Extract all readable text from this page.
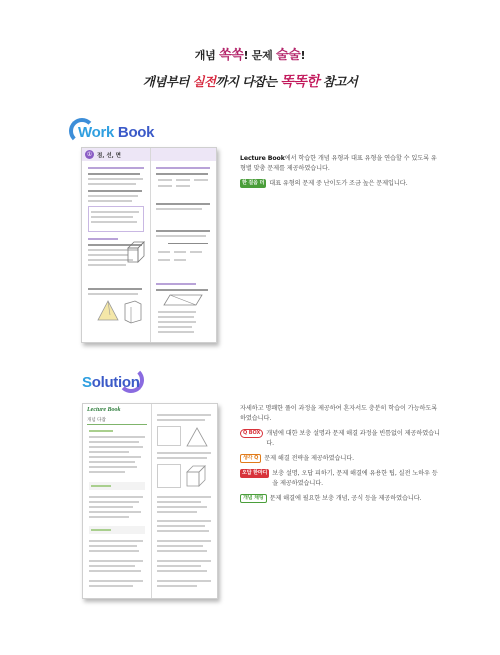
개념 쏙쏙! 문제 술술!
개념부터 실전까지 다잡는 똑똑한 참고서
Work Book
① 점, 선, 면	Lecture Book에서 학습한 개념 유형과 대표 유형을 연습할 수 있도록 유형별 맞춤 문제를 제공하였습니다.
한 걸음 더 대표 유형의 문제 중 난이도가 조금 높은 문제입니다.
Solution
Lecture Book
개념 다잡
자세하고 명쾌한 풀이 과정을 제공하여 혼자서도 충분히 학습이 가능하도록 하였습니다.
Q BOX 개념에 대한 보충 설명과 문제 해결 과정을 빈틈없이 제공하였습니다.
생각 Q 문제 해결 전략을 제공하였습니다.
오답 한마디 보충 설명, 오답 피하기, 문제 해결에 유용한 팁, 실전 노하우 등을 제공하였습니다.
개념 채팅 문제 해결에 필요한 보충 개념, 공식 등을 제공하였습니다.
